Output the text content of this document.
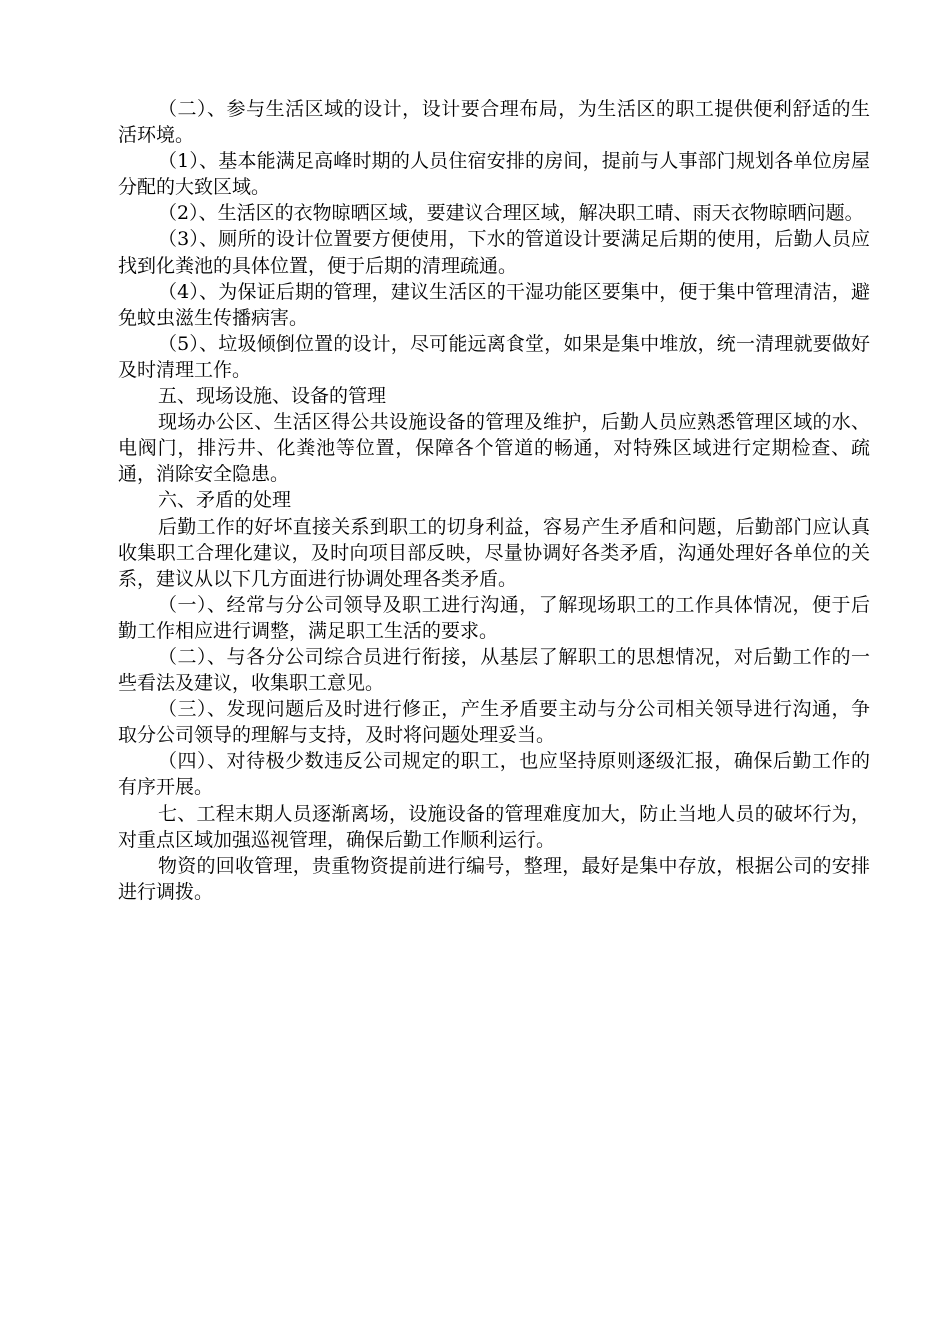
（二）、参与生活区域的设计，设计要合理布局，为生活区的职工提供便利舒适的生活环境。

（1）、基本能满足高峰时期的人员住宿安排的房间，提前与人事部门规划各单位房屋分配的大致区域。

（2）、生活区的衣物晾晒区域，要建议合理区域，解决职工晴、雨天衣物晾晒问题。

（3）、厕所的设计位置要方便使用，下水的管道设计要满足后期的使用，后勤人员应找到化粪池的具体位置，便于后期的清理疏通。

（4）、为保证后期的管理，建议生活区的干湿功能区要集中，便于集中管理清洁，避免蚊虫滋生传播病害。

（5）、垃圾倾倒位置的设计，尽可能远离食堂，如果是集中堆放，统一清理就要做好及时清理工作。

五、现场设施、设备的管理

现场办公区、生活区得公共设施设备的管理及维护，后勤人员应熟悉管理区域的水、电阀门，排污井、化粪池等位置，保障各个管道的畅通，对特殊区域进行定期检查、疏通，消除安全隐患。

六、矛盾的处理

后勤工作的好坏直接关系到职工的切身利益，容易产生矛盾和问题，后勤部门应认真收集职工合理化建议，及时向项目部反映，尽量协调好各类矛盾，沟通处理好各单位的关系，建议从以下几方面进行协调处理各类矛盾。

（一）、经常与分公司领导及职工进行沟通，了解现场职工的工作具体情况，便于后勤工作相应进行调整，满足职工生活的要求。

（二）、与各分公司综合员进行衔接，从基层了解职工的思想情况，对后勤工作的一些看法及建议，收集职工意见。

（三）、发现问题后及时进行修正，产生矛盾要主动与分公司相关领导进行沟通，争取分公司领导的理解与支持，及时将问题处理妥当。

（四）、对待极少数违反公司规定的职工，也应坚持原则逐级汇报，确保后勤工作的有序开展。

七、工程末期人员逐渐离场，设施设备的管理难度加大，防止当地人员的破坏行为，对重点区域加强巡视管理，确保后勤工作顺利运行。

物资的回收管理，贵重物资提前进行编号，整理，最好是集中存放，根据公司的安排进行调拨。
